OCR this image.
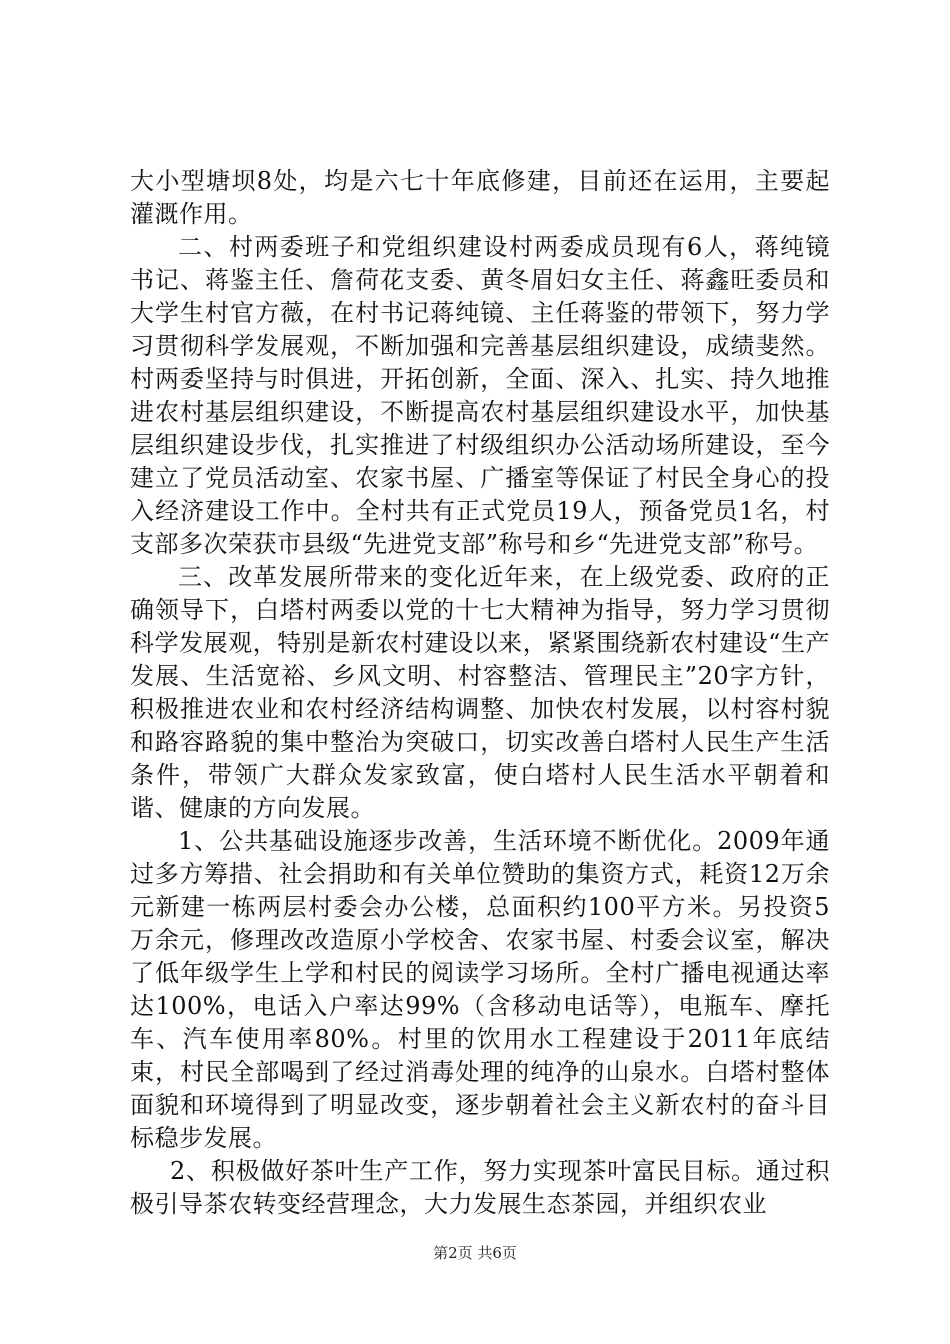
大小型塘坝8处，均是六七十年底修建，目前还在运用，主要起灌溉作用。

二、村两委班子和党组织建设村两委成员现有6人，蒋纯镜书记、蒋鉴主任、詹荷花支委、黄冬眉妇女主任、蒋鑫旺委员和大学生村官方薇，在村书记蒋纯镜、主任蒋鉴的带领下，努力学习贯彻科学发展观，不断加强和完善基层组织建设，成绩斐然。村两委坚持与时俱进，开拓创新，全面、深入、扎实、持久地推进农村基层组织建设，不断提高农村基层组织建设水平，加快基层组织建设步伐，扎实推进了村级组织办公活动场所建设，至今建立了党员活动室、农家书屋、广播室等保证了村民全身心的投入经济建设工作中。全村共有正式党员19人，预备党员1名，村支部多次荣获市县级“先进党支部”称号和乡“先进党支部”称号。

三、改革发展所带来的变化近年来，在上级党委、政府的正确领导下，白塔村两委以党的十七大精神为指导，努力学习贯彻科学发展观，特别是新农村建设以来，紧紧围绕新农村建设“生产发展、生活宽裕、乡风文明、村容整洁、管理民主”20字方针，积极推进农业和农村经济结构调整、加快农村发展，以村容村貌和路容路貌的集中整治为突破口，切实改善白塔村人民生产生活条件，带领广大群众发家致富，使白塔村人民生活水平朝着和谐、健康的方向发展。

1、公共基础设施逐步改善，生活环境不断优化。2009年通过多方筹措、社会捐助和有关单位赞助的集资方式，耗资12万余元新建一栋两层村委会办公楼，总面积约100平方米。另投资5万余元，修理改改造原小学校舍、农家书屋、村委会议室，解决了低年级学生上学和村民的阅读学习场所。全村广播电视通达率达100%，电话入户率达99%（含移动电话等），电瓶车、摩托车、汽车使用率80%。村里的饮用水工程建设于2011年底结束，村民全部喝到了经过消毒处理的纯净的山泉水。白塔村整体面貌和环境得到了明显改变，逐步朝着社会主义新农村的奋斗目标稳步发展。

2、积极做好茶叶生产工作，努力实现茶叶富民目标。通过积极引导茶农转变经营理念，大力发展生态茶园，并组织农业

第2页 共6页
